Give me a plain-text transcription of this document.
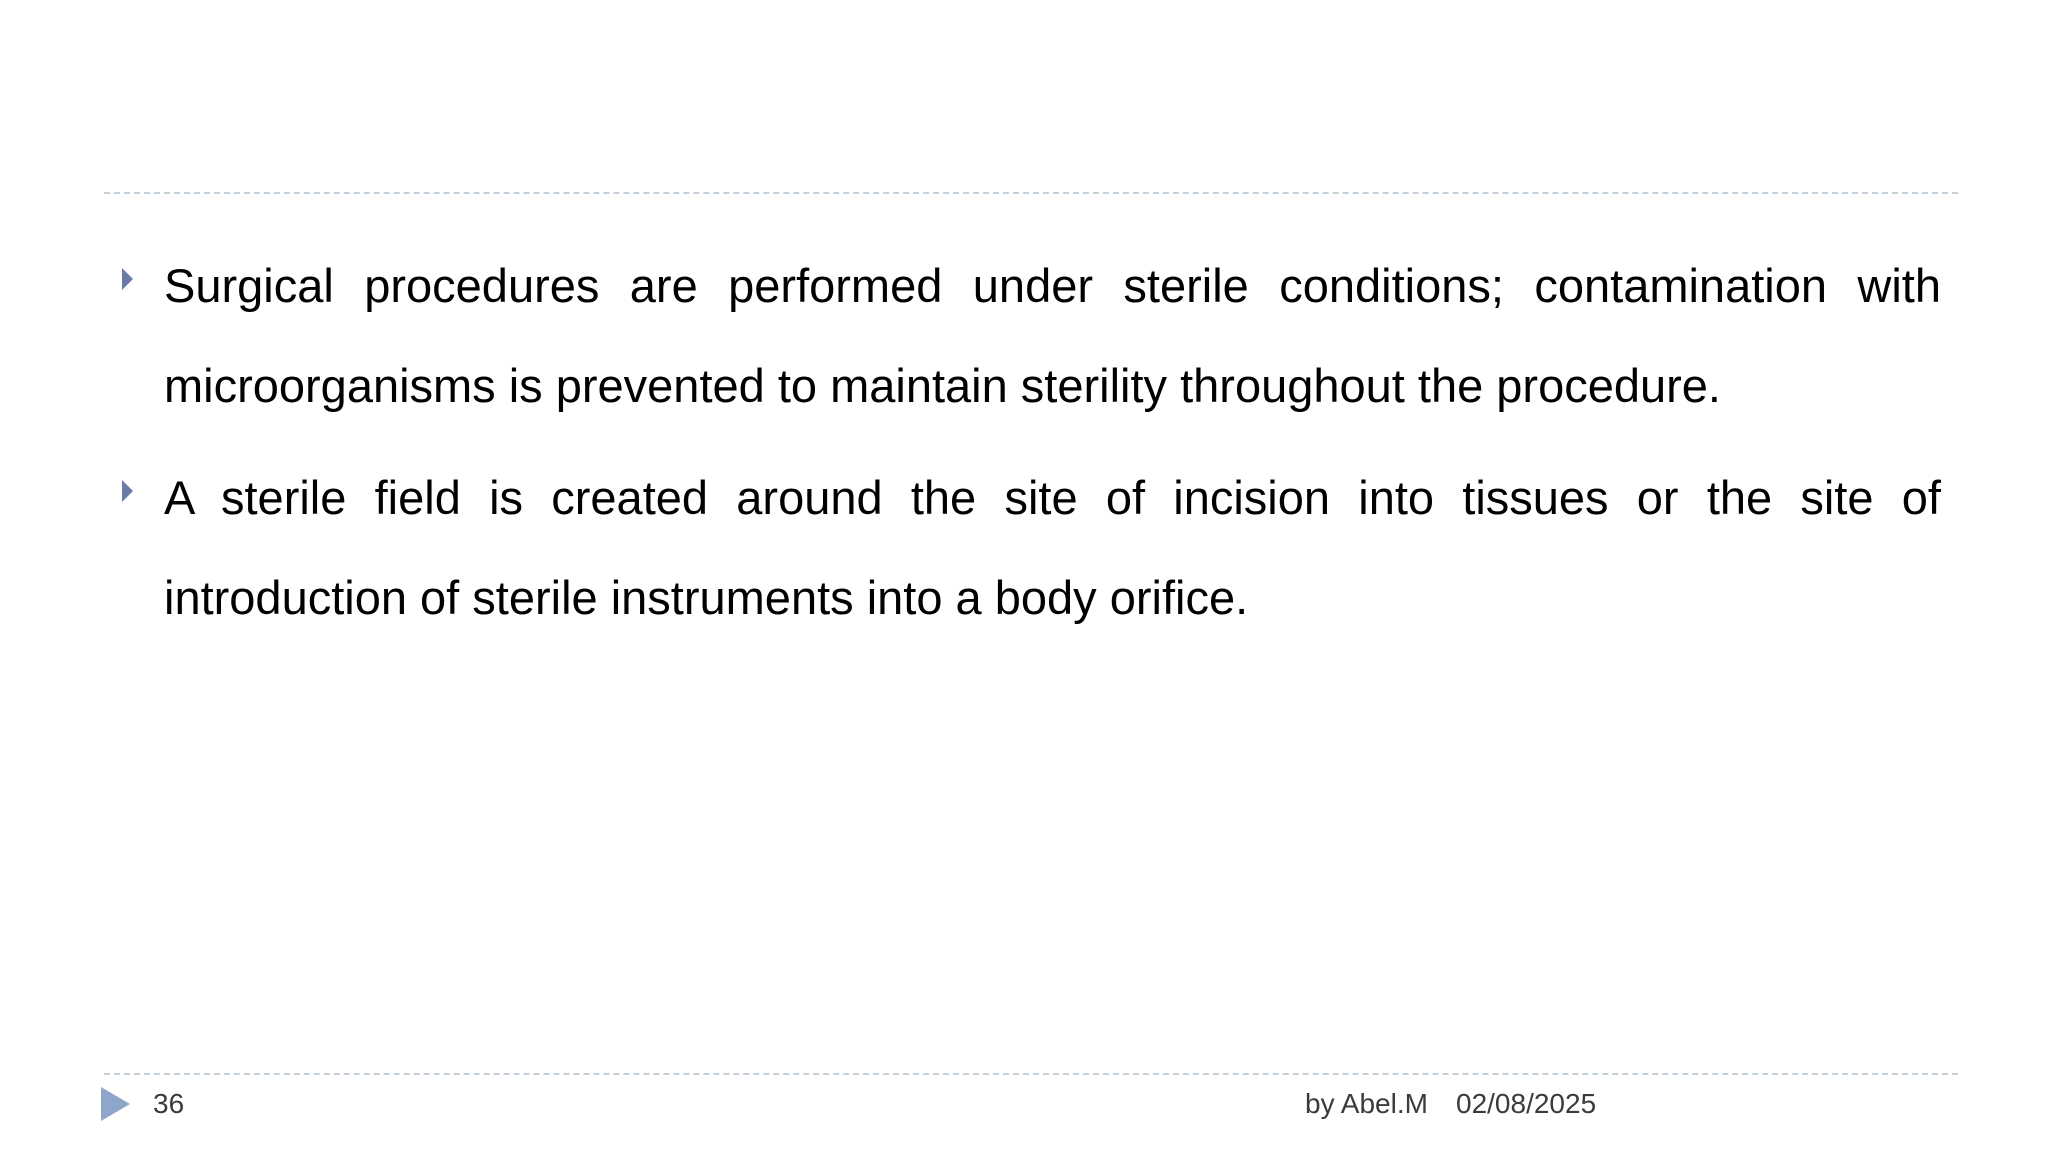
Surgical procedures are performed under sterile conditions; contamination with microorganisms is prevented to maintain sterility throughout the procedure.
A sterile field is created around the site of incision into tissues or the site of introduction of sterile instruments into a body orifice.
36	by Abel.M 02/08/2025
